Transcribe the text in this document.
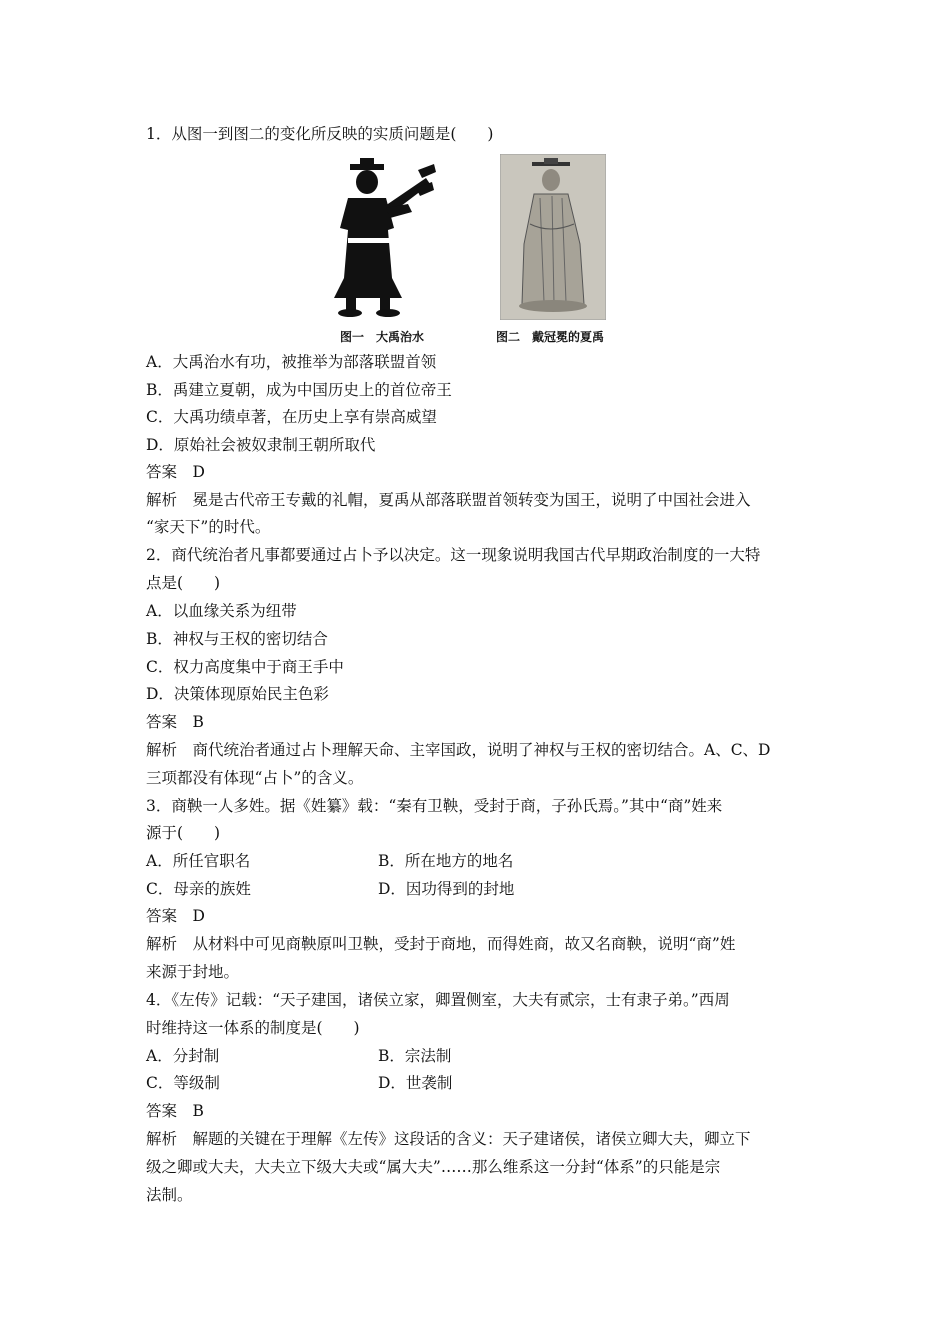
1．从图一到图二的变化所反映的实质问题是(　　)
图一　大禹治水	图二　戴冠冕的夏禹
A．大禹治水有功，被推举为部落联盟首领
B．禹建立夏朝，成为中国历史上的首位帝王
C．大禹功绩卓著，在历史上享有崇高威望
D．原始社会被奴隶制王朝所取代
答案　D
解析　冕是古代帝王专戴的礼帽，夏禹从部落联盟首领转变为国王，说明了中国社会进入
“家天下”的时代。
2．商代统治者凡事都要通过占卜予以决定。这一现象说明我国古代早期政治制度的一大特
点是(　　)
A．以血缘关系为纽带
B．神权与王权的密切结合
C．权力高度集中于商王手中
D．决策体现原始民主色彩
答案　B
解析　商代统治者通过占卜理解天命、主宰国政，说明了神权与王权的密切结合。A、C、D
三项都没有体现“占卜”的含义。
3．商鞅一人多姓。据《姓纂》载：“秦有卫鞅，受封于商，子孙氏焉。”其中“商”姓来
源于(　　)
A．所任官职名	B．所在地方的地名
C．母亲的族姓	D．因功得到的封地
答案　D
解析　从材料中可见商鞅原叫卫鞅，受封于商地，而得姓商，故又名商鞅，说明“商”姓
来源于封地。
4．《左传》记载：“天子建国，诸侯立家，卿置侧室，大夫有贰宗，士有隶子弟。”西周
时维持这一体系的制度是(　　)
A．分封制	B．宗法制
C．等级制	D．世袭制
答案　B
解析　解题的关键在于理解《左传》这段话的含义：天子建诸侯，诸侯立卿大夫，卿立下
级之卿或大夫，大夫立下级大夫或“属大夫”……那么维系这一分封“体系”的只能是宗
法制。
